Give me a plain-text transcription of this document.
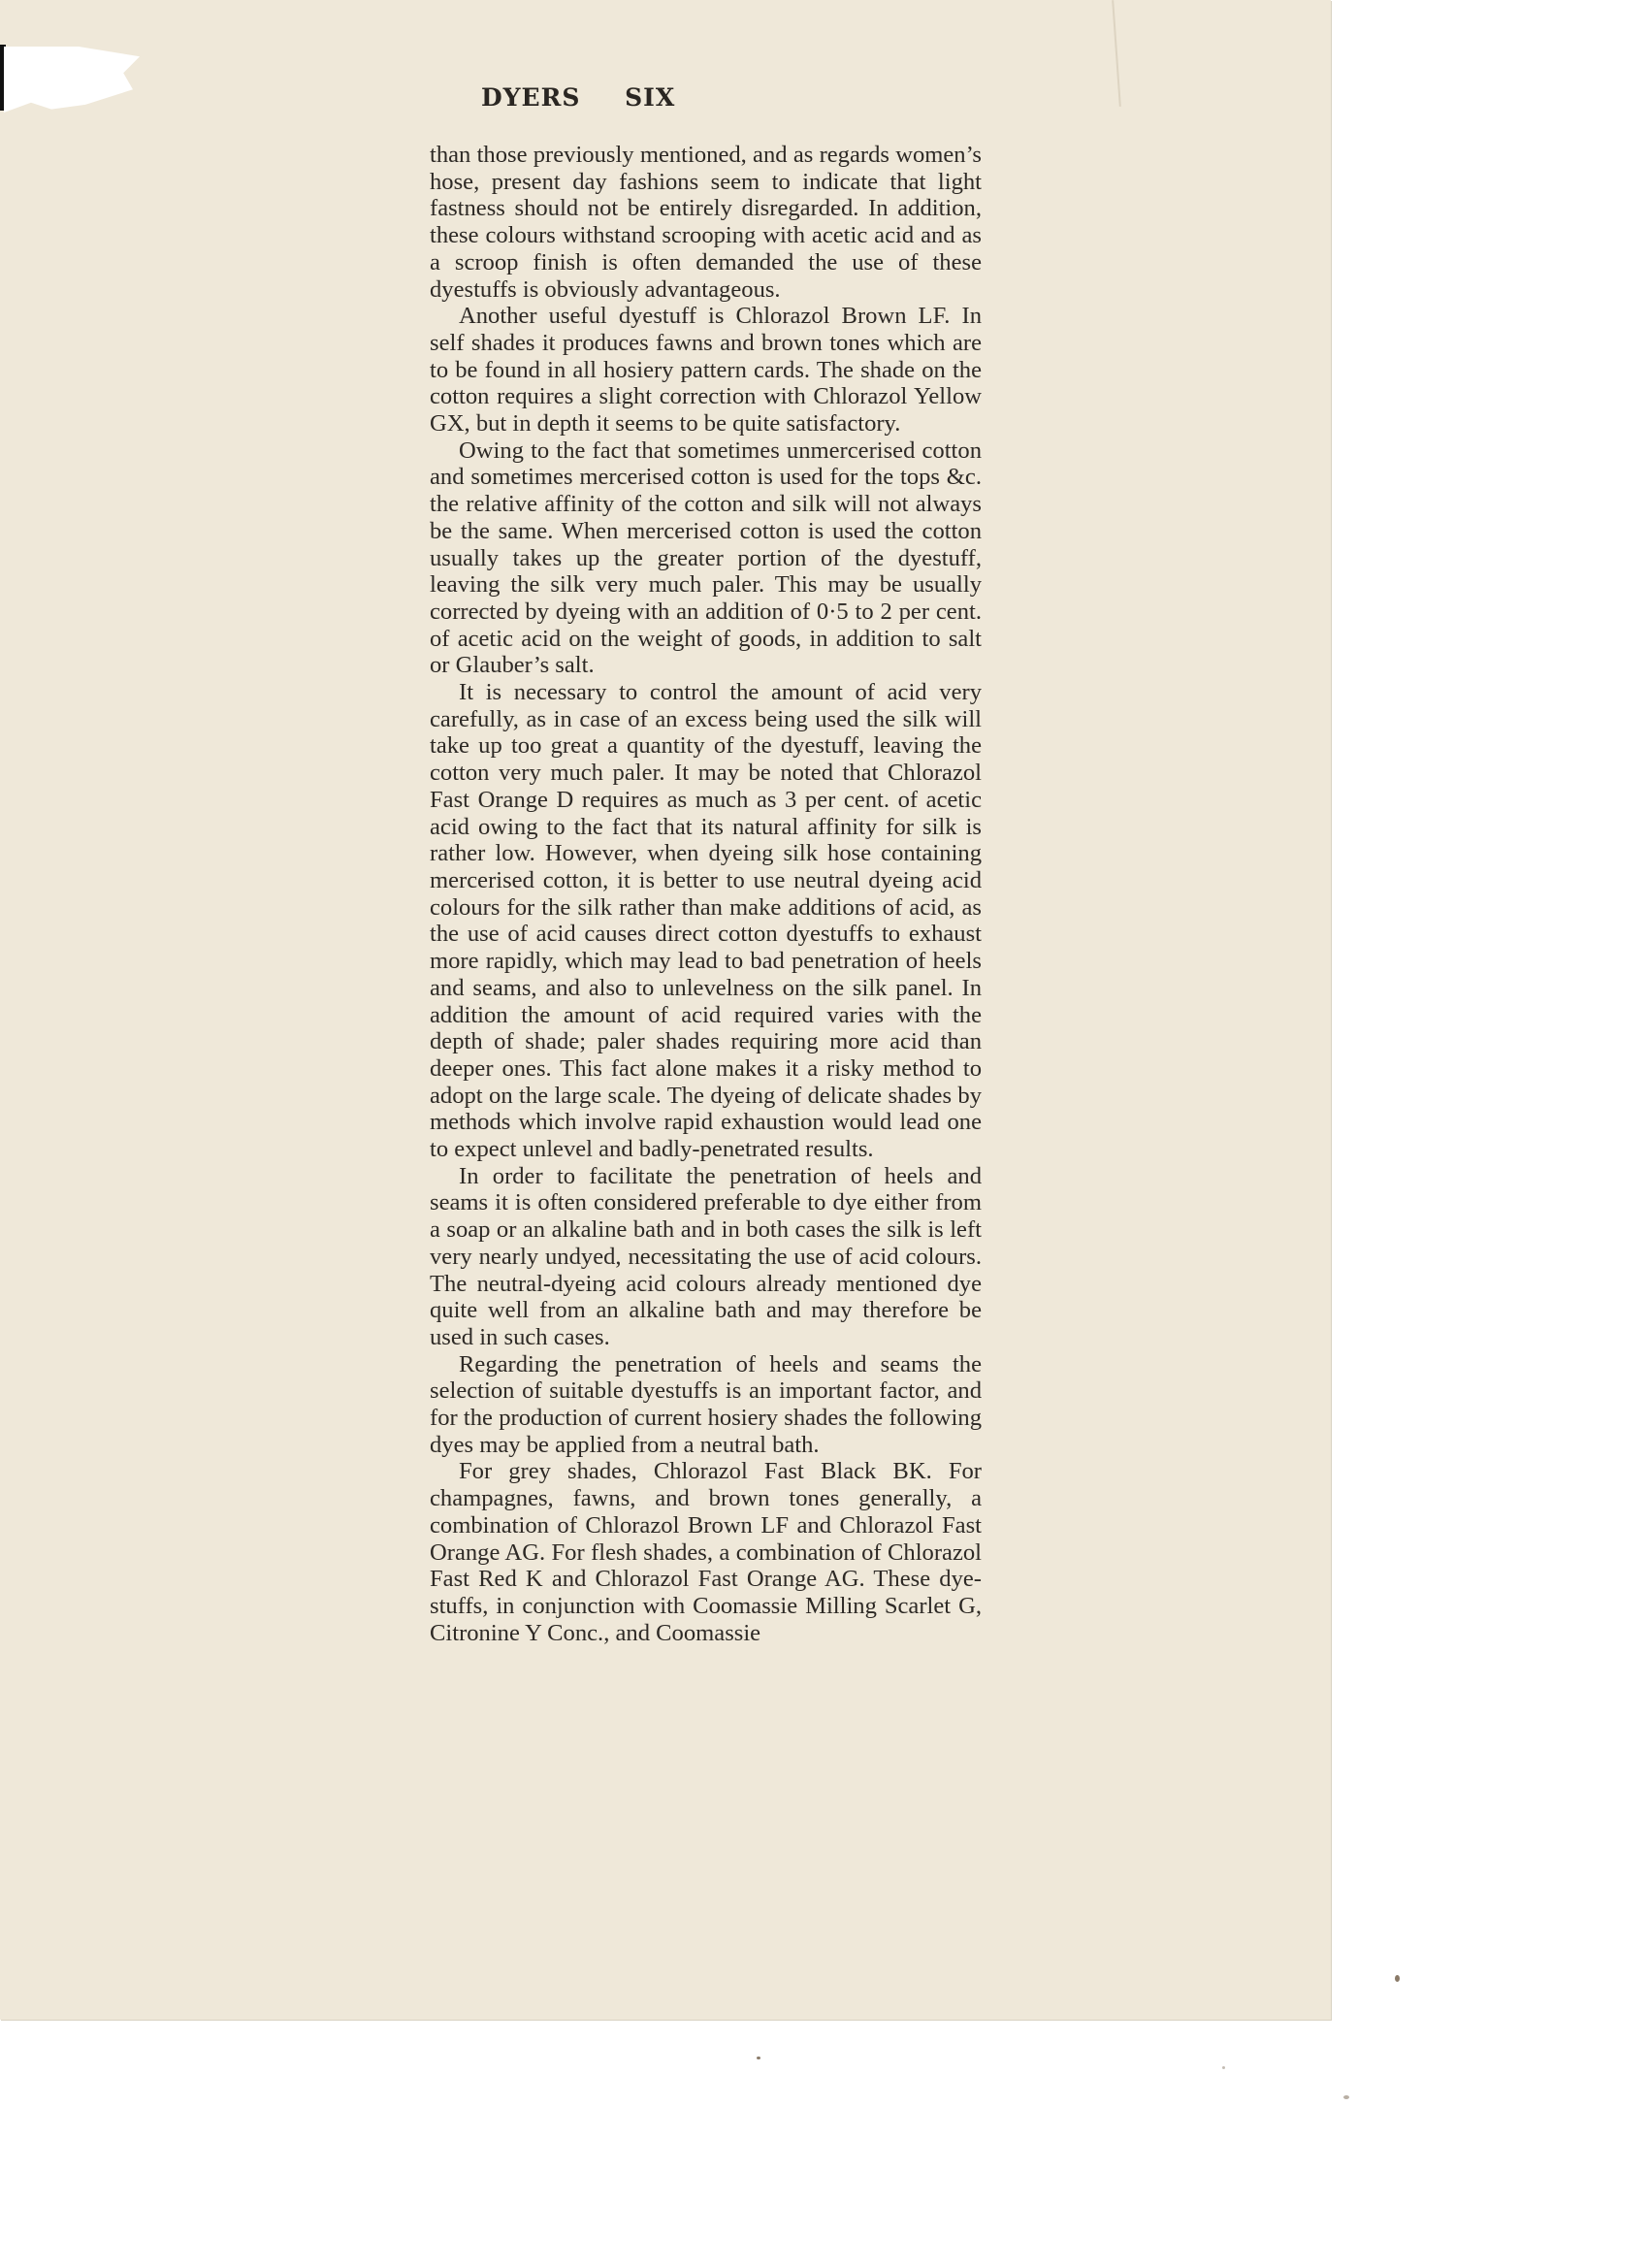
DYERS SIX

than those previously mentioned, and as regards women’s hose, present day fashions seem to indicate that light fastness should not be entirely disregarded. In addition, these colours withstand scrooping with acetic acid and as a scroop finish is often demanded the use of these dyestuffs is obviously advantageous.

Another useful dyestuff is Chlorazol Brown LF. In self shades it produces fawns and brown tones which are to be found in all hosiery pattern cards. The shade on the cotton requires a slight correction with Chlorazol Yellow GX, but in depth it seems to be quite satisfactory.

Owing to the fact that sometimes unmercerised cotton and sometimes mercerised cotton is used for the tops &c. the relative affinity of the cotton and silk will not always be the same. When mercerised cotton is used the cotton usually takes up the greater portion of the dyestuff, leaving the silk very much paler. This may be usually corrected by dyeing with an addition of 0·5 to 2 per cent. of acetic acid on the weight of goods, in addition to salt or Glauber’s salt.

It is necessary to control the amount of acid very carefully, as in case of an excess being used the silk will take up too great a quantity of the dyestuff, leaving the cotton very much paler. It may be noted that Chlorazol Fast Orange D requires as much as 3 per cent. of acetic acid owing to the fact that its natural affinity for silk is rather low. However, when dyeing silk hose containing mercerised cotton, it is better to use neutral dyeing acid colours for the silk rather than make additions of acid, as the use of acid causes direct cotton dyestuffs to exhaust more rapidly, which may lead to bad penetration of heels and seams, and also to unlevelness on the silk panel. In addition the amount of acid required varies with the depth of shade; paler shades requiring more acid than deeper ones. This fact alone makes it a risky method to adopt on the large scale. The dyeing of delicate shades by methods which involve rapid exhaustion would lead one to expect unlevel and badly-penetrated results.

In order to facilitate the penetration of heels and seams it is often considered preferable to dye either from a soap or an alkaline bath and in both cases the silk is left very nearly undyed, necessitating the use of acid colours. The neutral-dyeing acid colours already mentioned dye quite well from an alkaline bath and may therefore be used in such cases.

Regarding the penetration of heels and seams the selection of suitable dyestuffs is an important factor, and for the production of current hosiery shades the following dyes may be applied from a neutral bath.

For grey shades, Chlorazol Fast Black BK. For champagnes, fawns, and brown tones generally, a combination of Chlorazol Brown LF and Chlorazol Fast Orange AG. For flesh shades, a combination of Chlorazol Fast Red K and Chlorazol Fast Orange AG. These dyestuffs, in conjunction with Coomassie Milling Scarlet G, Citronine Y Conc., and Coomassie
